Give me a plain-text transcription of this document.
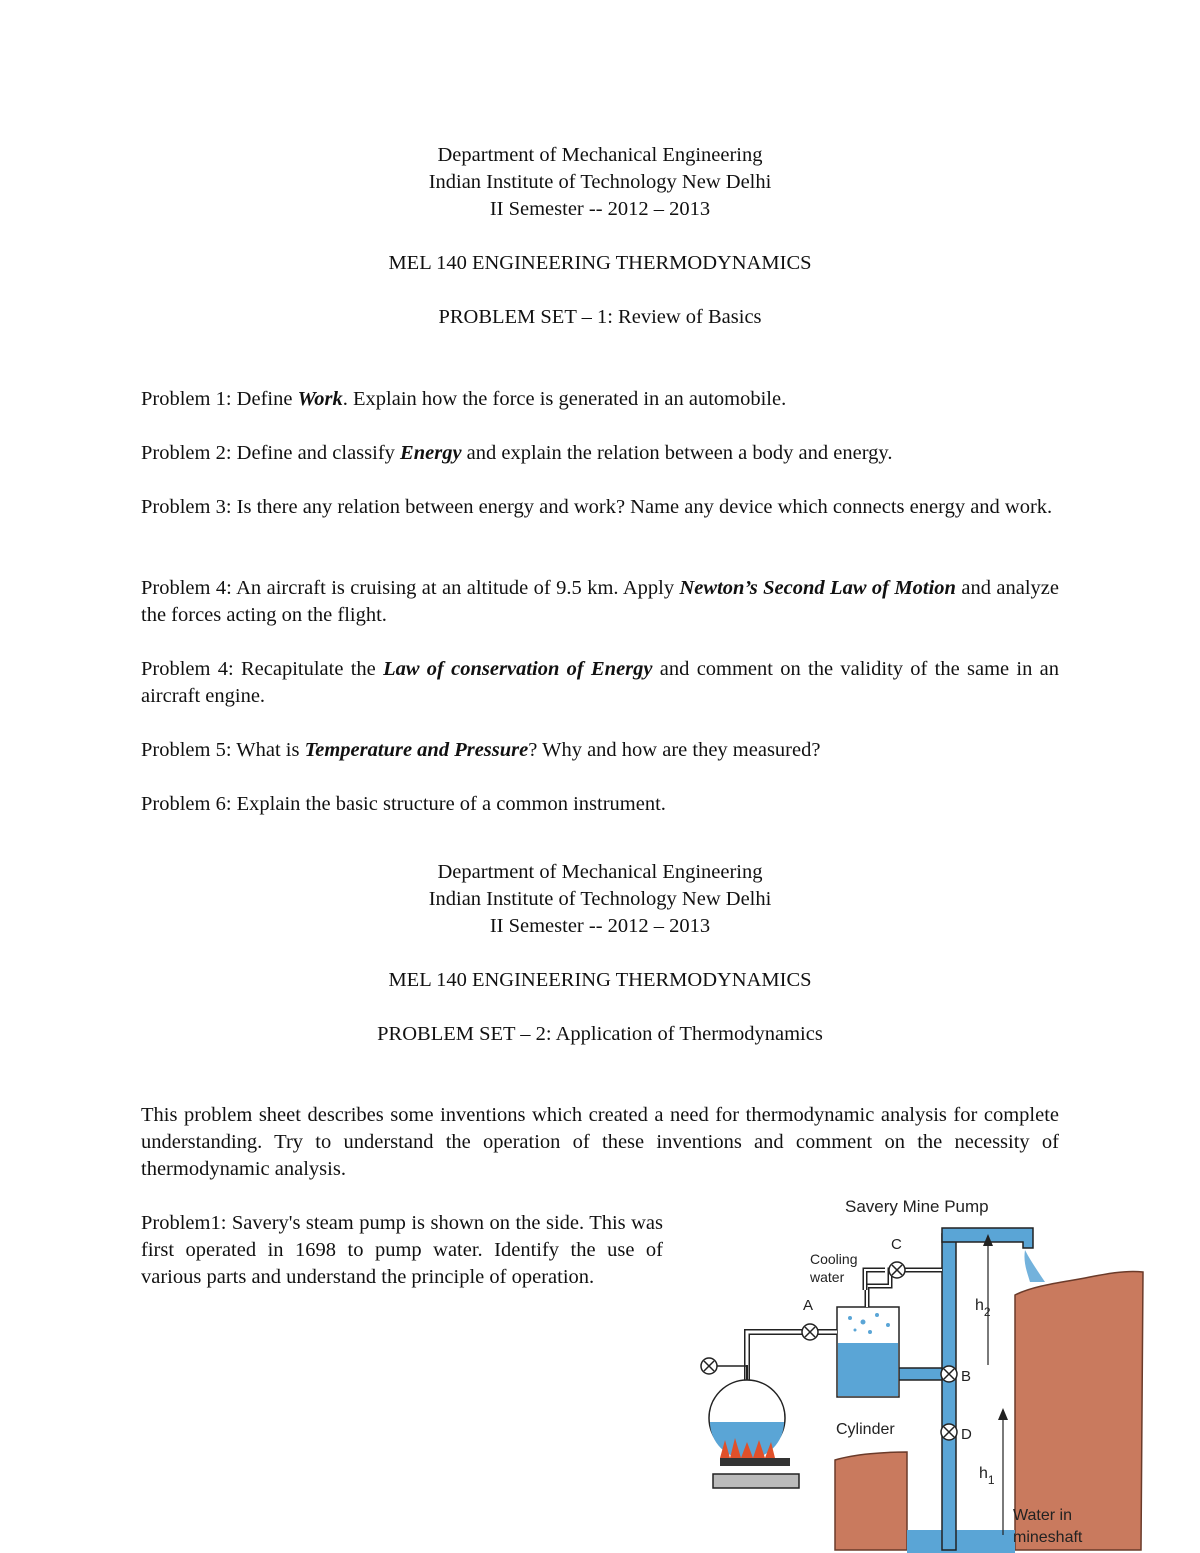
Department of Mechanical Engineering
Indian Institute of Technology New Delhi
II Semester -- 2012 – 2013
MEL 140 ENGINEERING THERMODYNAMICS
PROBLEM SET – 1: Review of Basics
Problem 1: Define Work. Explain how the force is generated in an automobile.
Problem 2: Define and classify Energy and explain the relation between a body and energy.
Problem 3: Is there any relation between energy and work? Name any device which connects energy and work.
Problem 4: An aircraft is cruising at an altitude of 9.5 km. Apply Newton’s Second Law of Motion and analyze the forces acting on the flight.
Problem 4: Recapitulate the Law of conservation of Energy and comment on the validity of the same in an aircraft engine.
Problem 5: What is Temperature and Pressure? Why and how are they measured?
Problem 6: Explain the basic structure of a common instrument.
Department of Mechanical Engineering
Indian Institute of Technology New Delhi
II Semester -- 2012 – 2013
MEL 140 ENGINEERING THERMODYNAMICS
PROBLEM SET – 2: Application of Thermodynamics
This problem sheet describes some inventions which created a need for thermodynamic analysis for complete understanding. Try to understand the operation of these inventions and comment on the necessity of thermodynamic analysis.
Problem1: Savery's steam pump is shown on the side. This was first operated in 1698 to pump water. Identify the use of various parts and understand the principle of operation.
Savery Mine Pump
Cooling
water
A
C
B
D
Cylinder
$h_2$
$h_1$
Water in
mineshaft
